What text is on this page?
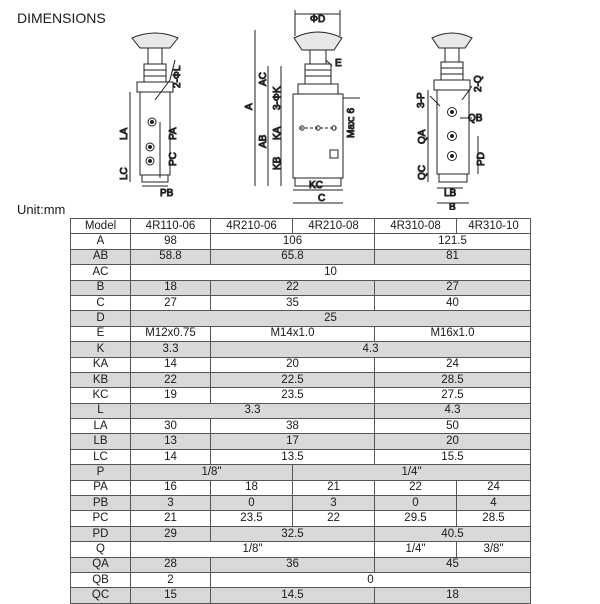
DIMENSIONS
2-ΦL
LA	PA
PC
LC
PB
ΦD
E
A
AC
3-ΦK
Max: 6
AB
KA
KB
KC
C
3-P
2-Q
QA
QB
PD
QC
LB
B
Unit:mm
Model	4R110-06	4R210-06	4R210-08	4R310-08	4R310-10
A	98	106		121.5	
AB	58.8	65.8		81	
AC	10				
B	18	22		27	
C	27	35		40	
D	25				
E	M12x0.75	M14x1.0		M16x1.0	
K	3.3	4.3			
KA	14	20		24	
KB	22	22.5		28.5	
KC	19	23.5		27.5	
L	3.3			4.3	
LA	30	38		50	
LB	13	17		20	
LC	14	13.5		15.5	
P	1/8"		1/4"		
PA	16	18	21	22	24
PB	3	0	3	0	4
PC	21	23.5	22	29.5	28.5
PD	29	32.5		40.5	
Q	1/8"			1/4"	3/8"
QA	28	36		45	
QB	2	0			
QC	15	14.5		18	
